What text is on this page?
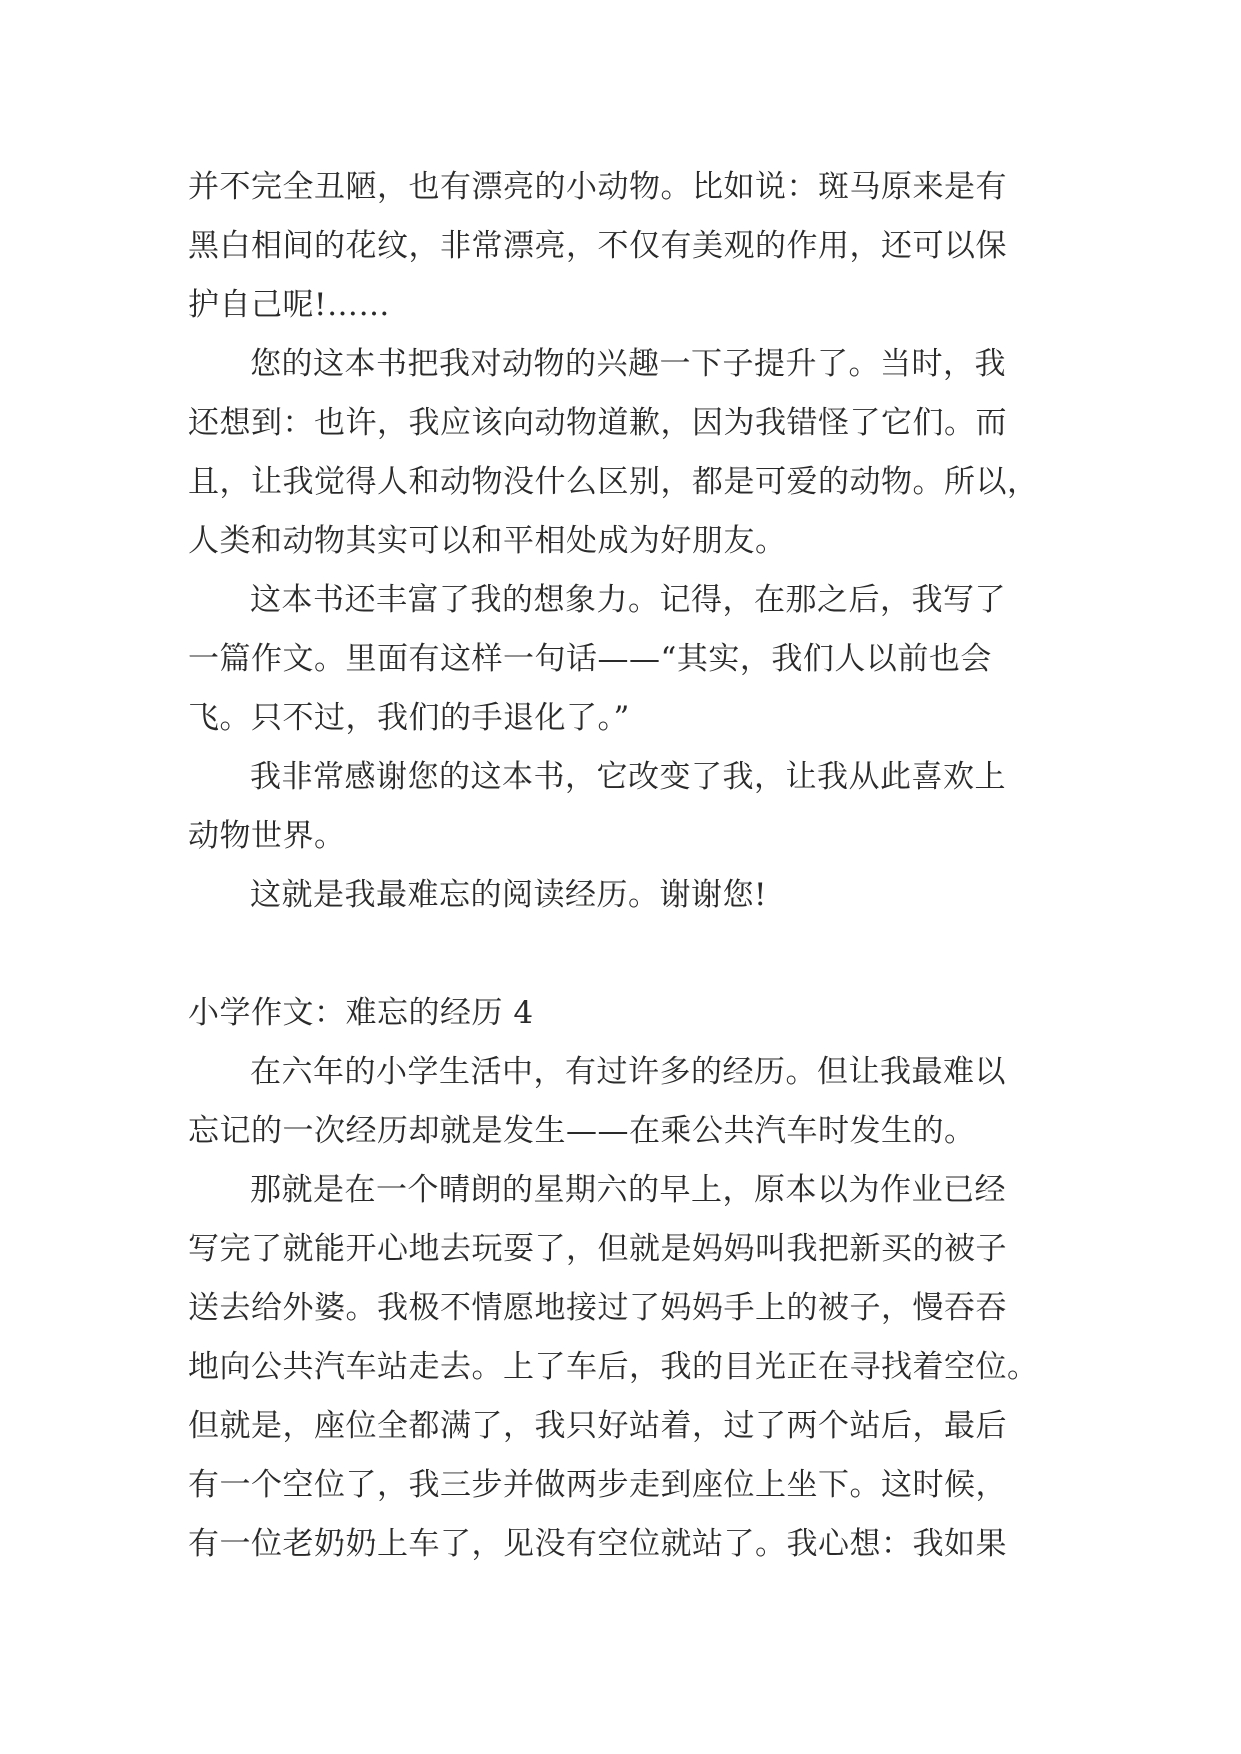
并不完全丑陋，也有漂亮的小动物。比如说：斑马原来是有
黑白相间的花纹，非常漂亮，不仅有美观的作用，还可以保
护自己呢!……
您的这本书把我对动物的兴趣一下子提升了。当时，我
还想到：也许，我应该向动物道歉，因为我错怪了它们。而
且，让我觉得人和动物没什么区别，都是可爱的动物。所以，
人类和动物其实可以和平相处成为好朋友。
这本书还丰富了我的想象力。记得，在那之后，我写了
一篇作文。里面有这样一句话——“其实，我们人以前也会
飞。只不过，我们的手退化了。”
我非常感谢您的这本书，它改变了我，让我从此喜欢上
动物世界。
这就是我最难忘的阅读经历。谢谢您!
小学作文：难忘的经历 4
在六年的小学生活中，有过许多的经历。但让我最难以
忘记的一次经历却就是发生——在乘公共汽车时发生的。
那就是在一个晴朗的星期六的早上，原本以为作业已经
写完了就能开心地去玩耍了，但就是妈妈叫我把新买的被子
送去给外婆。我极不情愿地接过了妈妈手上的被子，慢吞吞
地向公共汽车站走去。上了车后，我的目光正在寻找着空位。
但就是，座位全都满了，我只好站着，过了两个站后，最后
有一个空位了，我三步并做两步走到座位上坐下。这时候，
有一位老奶奶上车了，见没有空位就站了。我心想：我如果
